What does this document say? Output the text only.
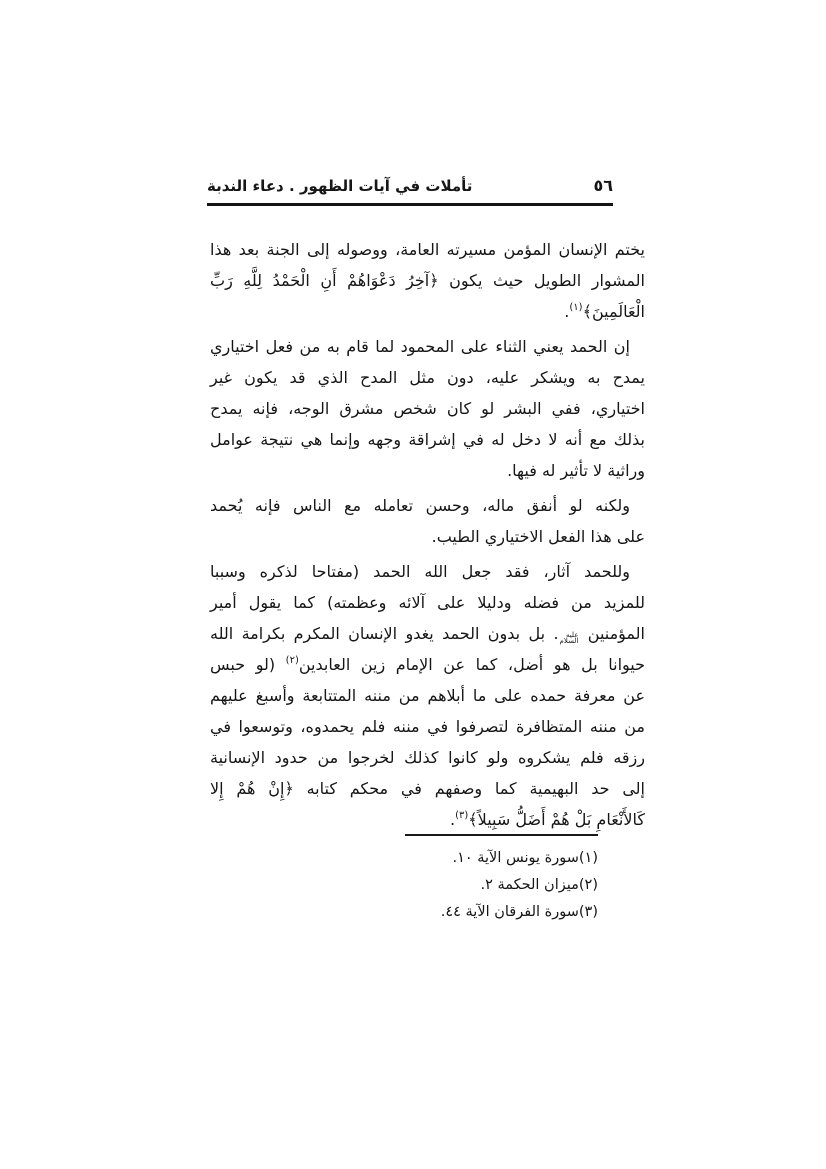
تأملات في آيات الظهور . دعاء الندبة	٥٦
يختم الإنسان المؤمن مسيرته العامة، ووصوله إلى الجنة بعد هذا
المشوار الطويل حيث يكون ﴿آخِرُ دَعْوَاهُمْ أَنِ الْحَمْدُ لِلَّهِ رَبِّ
الْعَالَمِينَ﴾$^{(١)}$.
إن الحمد يعني الثناء على المحمود لما قام به من فعل اختياري
يمدح به ويشكر عليه، دون مثل المدح الذي قد يكون غير
اختياري، ففي البشر لو كان شخص مشرق الوجه، فإنه يمدح
بذلك مع أنه لا دخل له في إشراقة وجهه وإنما هي نتيجة عوامل
وراثية لا تأثير له فيها.
ولكنه لو أنفق ماله، وحسن تعامله مع الناس فإنه يُحمد
على هذا الفعل الاختياري الطيب.
وللحمد آثار، فقد جعل الله الحمد (مفتاحا لذكره وسببا
للمزيد من فضله ودليلا على آلائه وعظمته) كما يقول أمير
المؤمنين عليه
السلام. بل بدون الحمد يغدو الإنسان المكرم بكرامة الله
حيوانا بل هو أضل، كما عن الإمام زين العابدين$^{(٢)}$ (لو حبس
عن معرفة حمده على ما أبلاهم من مننه المتتابعة وأسبغ عليهم
من مننه المتظافرة لتصرفوا في مننه فلم يحمدوه، وتوسعوا في
رزقه فلم يشكروه ولو كانوا كذلك لخرجوا من حدود الإنسانية
إلى حد البهيمية كما وصفهم في محكم كتابه ﴿إِنْ هُمْ إِلا
كَالأَنْعَامِ بَلْ هُمْ أَضَلُّ سَبِيلاً﴾$^{(٣)}$.
(١)سورة يونس الآية ١٠.
(٢)ميزان الحكمة ٢.
(٣)سورة الفرقان الآية ٤٤.
